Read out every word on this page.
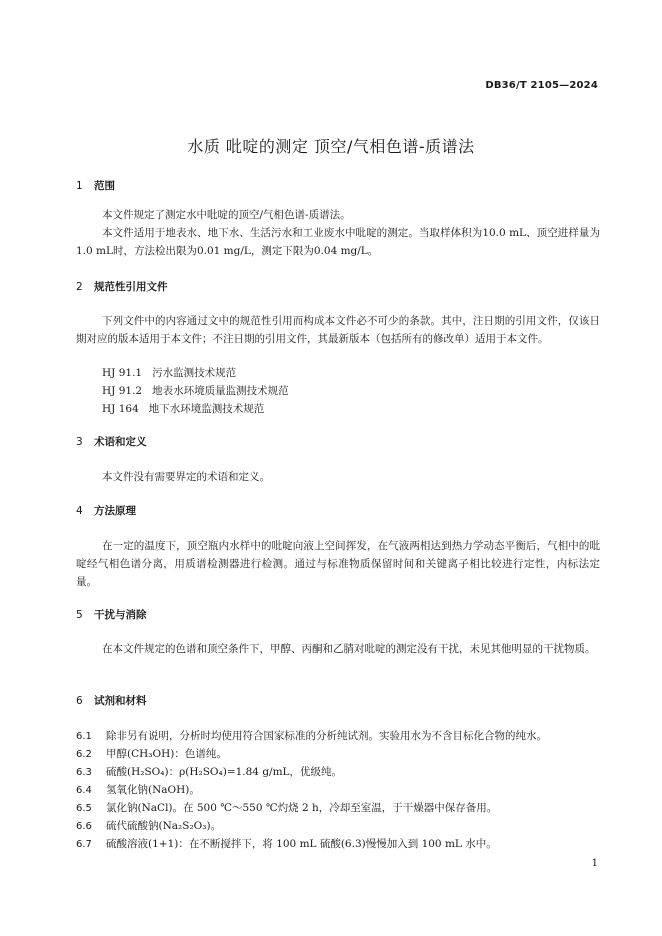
DB36/T 2105—2024
水质 吡啶的测定 顶空/气相色谱-质谱法
1 范围
本文件规定了测定水中吡啶的顶空/气相色谱-质谱法。
本文件适用于地表水、地下水、生活污水和工业废水中吡啶的测定。当取样体积为10.0 mL、顶空进样量为1.0 mL时，方法检出限为0.01 mg/L，测定下限为0.04 mg/L。
2 规范性引用文件
下列文件中的内容通过文中的规范性引用而构成本文件必不可少的条款。其中，注日期的引用文件，仅该日期对应的版本适用于本文件；不注日期的引用文件，其最新版本（包括所有的修改单）适用于本文件。
HJ 91.1 污水监测技术规范
HJ 91.2 地表水环境质量监测技术规范
HJ 164 地下水环境监测技术规范
3 术语和定义
本文件没有需要界定的术语和定义。
4 方法原理
在一定的温度下，顶空瓶内水样中的吡啶向液上空间挥发，在气液两相达到热力学动态平衡后，气相中的吡啶经气相色谱分离，用质谱检测器进行检测。通过与标准物质保留时间和关键离子相比较进行定性，内标法定量。
5 干扰与消除
在本文件规定的色谱和顶空条件下，甲醇、丙酮和乙腈对吡啶的测定没有干扰，未见其他明显的干扰物质。
6 试剂和材料
6.1 除非另有说明，分析时均使用符合国家标准的分析纯试剂。实验用水为不含目标化合物的纯水。
6.2 甲醇(CH₃OH)：色谱纯。
6.3 硫酸(H₂SO₄)：ρ(H₂SO₄)=1.84 g/mL，优级纯。
6.4 氢氧化钠(NaOH)。
6.5 氯化钠(NaCl)。在 500 ℃～550 ℃灼烧 2 h，冷却至室温，于干燥器中保存备用。
6.6 硫代硫酸钠(Na₂S₂O₃)。
6.7 硫酸溶液(1+1)：在不断搅拌下，将 100 mL 硫酸(6.3)慢慢加入到 100 mL 水中。
1
